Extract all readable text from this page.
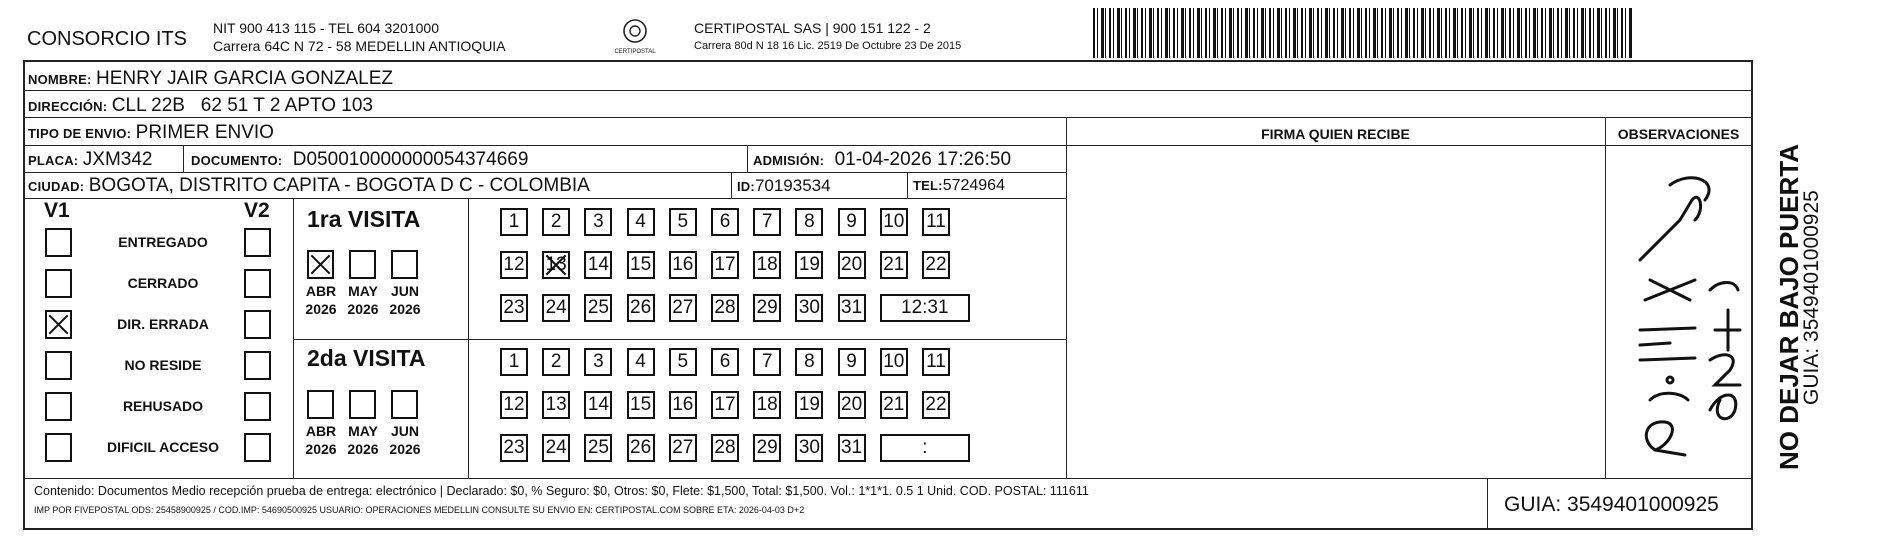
CONSORCIO ITS NIT 900 413 115 - TEL 604 3201000
Carrera 64C N 72 - 58 MEDELLIN ANTIOQUIA	CERTIPOSTAL
CERTIPOSTAL SAS | 900 151 122 - 2
Carrera 80d N 18 16 Lic. 2519 De Octubre 23 De 2015
NOMBRE: HENRY JAIR GARCIA GONZALEZ
DIRECCIÓN: CLL 22B   62 51 T 2 APTO 103
TIPO DE ENVIO: PRIMER ENVIO	FIRMA QUIEN RECIBE	OBSERVACIONES
PLACA: JXM342	DOCUMENTO: D050010000000054374669	ADMISIÓN: 01-04-2026 17:26:50
CIUDAD: BOGOTA, DISTRITO CAPITA - BOGOTA D C - COLOMBIA	ID:70193534	TEL:5724964
V1	V2
ENTREGADO
CERRADO
DIR. ERRADA
NO RESIDE
REHUSADO
DIFICIL ACCESO
1ra VISITA
ABR
2026
MAY
2026
JUN
2026
1	2	3	4	5	6	7	8	9	10 11
12 13 14 15 16 17 18 19 20 21 22
23 24 25 26 27 28 29 30 31	12:31
2da VISITA
ABR
2026
MAY
2026
JUN
2026
1	2	3	4	5	6	7	8	9	10 11
12 13 14 15 16 17 18 19 20 21 22
23 24 25 26 27 28 29 30 31	:	NO DEJAR BAJO PUERTA
GUIA: 3549401000925
Contenido: Documentos Medio recepción prueba de entrega: electrónico | Declarado: $0, % Seguro: $0, Otros: $0, Flete: $1,500, Total: $1,500. Vol.: 1*1*1. 0.5 1 Unid. COD. POSTAL: 111611
IMP POR FIVEPOSTAL ODS: 25458900925 / COD.IMP: 54690500925 USUARIO: OPERACIONES MEDELLIN CONSULTE SU ENVIO EN: CERTIPOSTAL.COM SOBRE ETA: 2026-04-03 D+2	GUIA: 3549401000925
